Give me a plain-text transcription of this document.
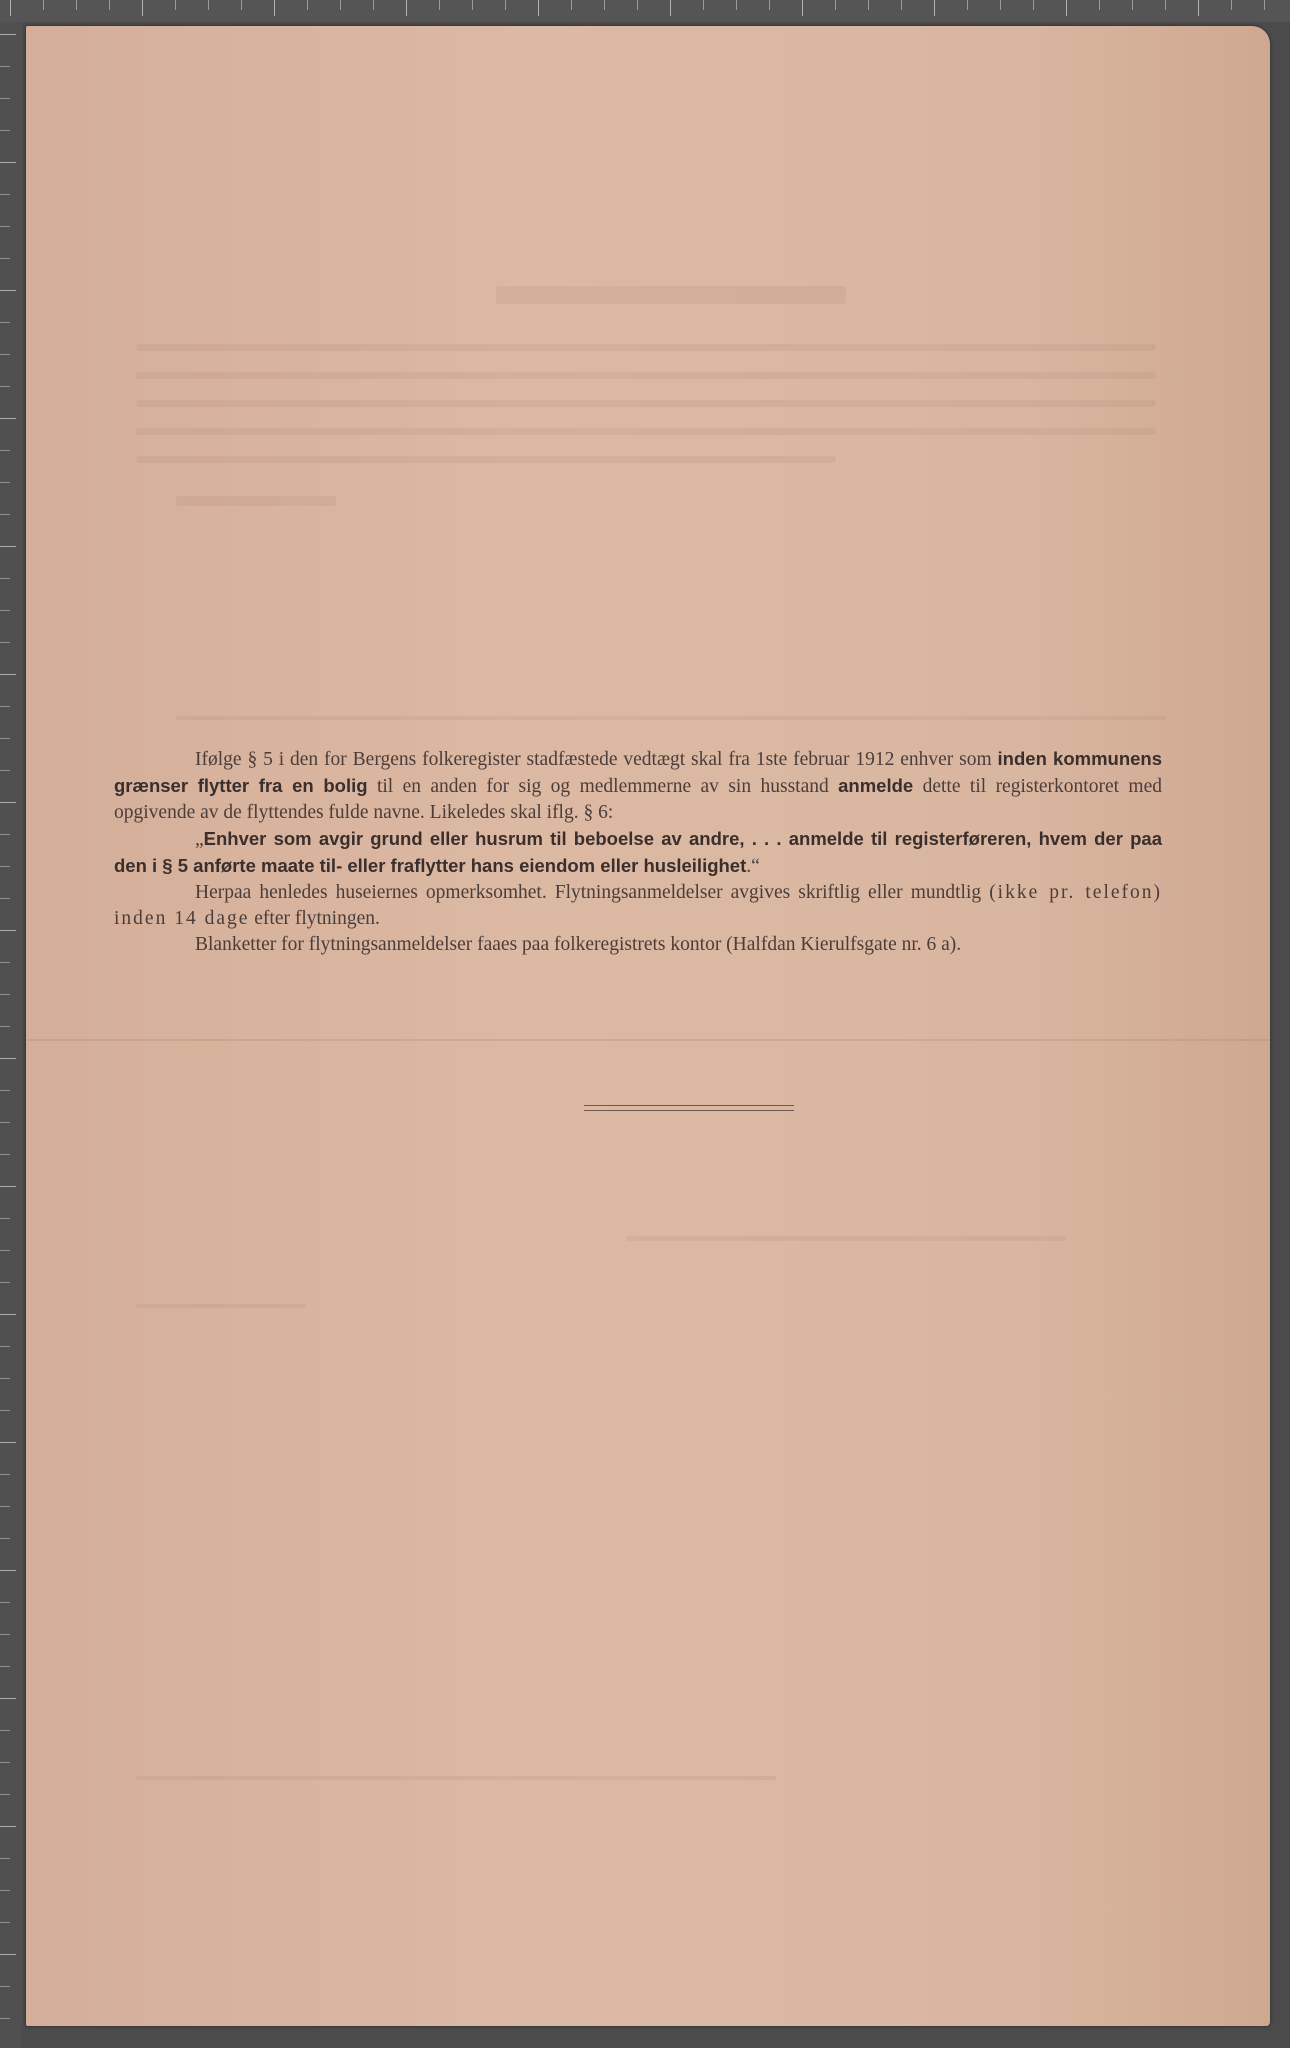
Ifølge § 5 i den for Bergens folkeregister stadfæstede vedtægt skal fra 1ste februar 1912 enhver som inden kommunens grænser flytter fra en bolig til en anden for sig og medlemmerne av sin husstand anmelde dette til registerkontoret med opgivende av de flyttendes fulde navne. Likeledes skal iflg. § 6:

„Enhver som avgir grund eller husrum til beboelse av andre, . . . anmelde til registerføreren, hvem der paa den i § 5 anførte maate til- eller fraflytter hans eiendom eller husleilighet.“

Herpaa henledes huseiernes opmerksomhet. Flytningsanmeldelser avgives skriftlig eller mundtlig (ikke pr. telefon) inden 14 dage efter flytningen.

Blanketter for flytningsanmeldelser faaes paa folkeregistrets kontor (Halfdan Kierulfsgate nr. 6 a).
